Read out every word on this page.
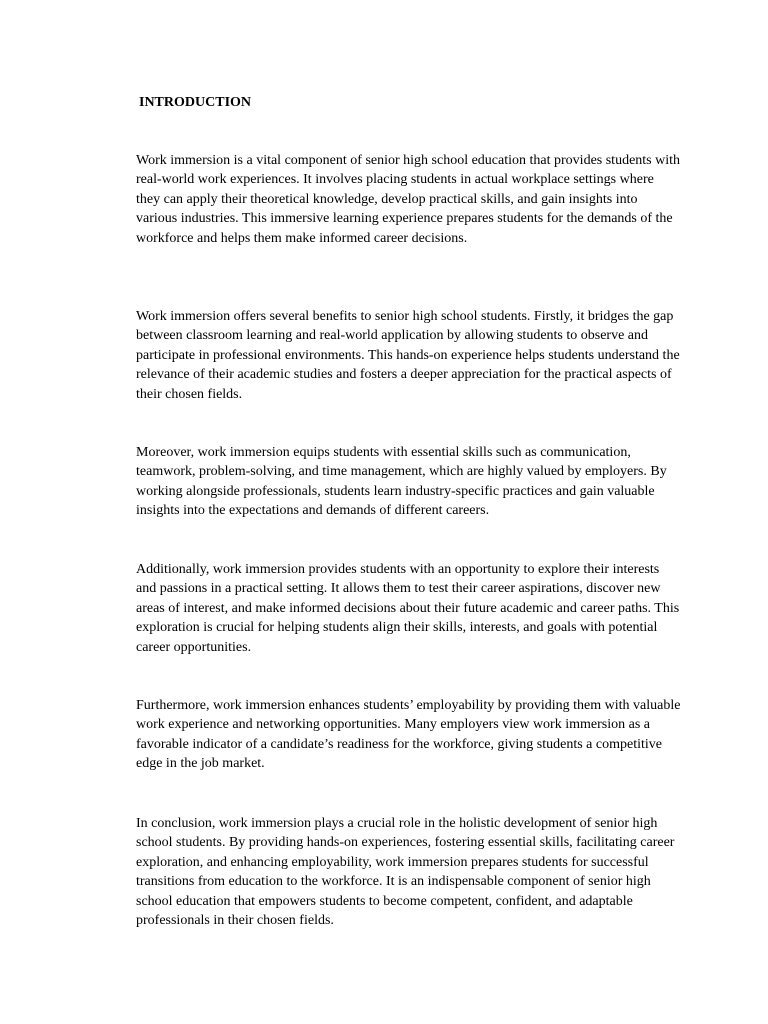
INTRODUCTION

Work immersion is a vital component of senior high school education that provides students with real-world work experiences. It involves placing students in actual workplace settings where they can apply their theoretical knowledge, develop practical skills, and gain insights into various industries. This immersive learning experience prepares students for the demands of the workforce and helps them make informed career decisions.

Work immersion offers several benefits to senior high school students. Firstly, it bridges the gap between classroom learning and real-world application by allowing students to observe and participate in professional environments. This hands-on experience helps students understand the relevance of their academic studies and fosters a deeper appreciation for the practical aspects of their chosen fields.

Moreover, work immersion equips students with essential skills such as communication, teamwork, problem-solving, and time management, which are highly valued by employers. By working alongside professionals, students learn industry-specific practices and gain valuable insights into the expectations and demands of different careers.

Additionally, work immersion provides students with an opportunity to explore their interests and passions in a practical setting. It allows them to test their career aspirations, discover new areas of interest, and make informed decisions about their future academic and career paths. This exploration is crucial for helping students align their skills, interests, and goals with potential career opportunities.

Furthermore, work immersion enhances students’ employability by providing them with valuable work experience and networking opportunities. Many employers view work immersion as a favorable indicator of a candidate’s readiness for the workforce, giving students a competitive edge in the job market.

In conclusion, work immersion plays a crucial role in the holistic development of senior high school students. By providing hands-on experiences, fostering essential skills, facilitating career exploration, and enhancing employability, work immersion prepares students for successful transitions from education to the workforce. It is an indispensable component of senior high school education that empowers students to become competent, confident, and adaptable professionals in their chosen fields.
